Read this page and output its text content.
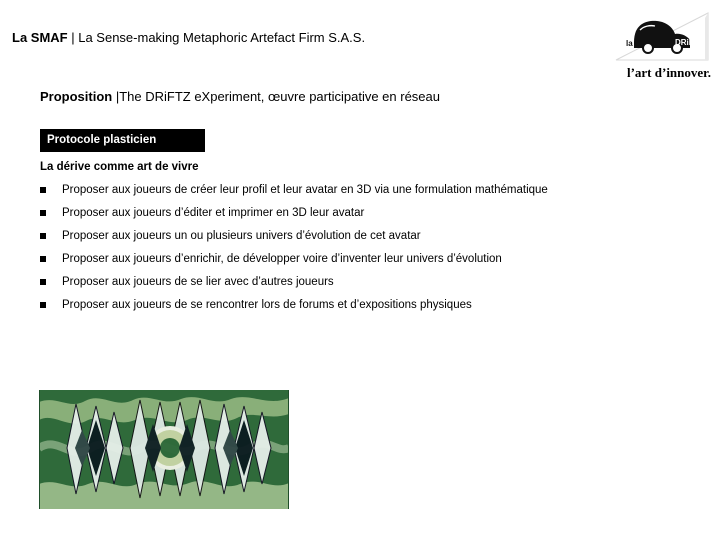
La SMAF | La Sense-making Metaphoric Artefact Firm S.A.S.	la	DRiFTZ
l’art d’innover.
Proposition |The DRiFTZ eXperiment, œuvre participative en réseau
Protocole plasticien
La dérive comme art de vivre
Proposer aux joueurs de créer leur profil et leur avatar en 3D via une formulation mathématique
Proposer aux joueurs d’éditer et imprimer en 3D leur avatar
Proposer aux joueurs un ou plusieurs univers d’évolution de cet avatar
Proposer aux joueurs d’enrichir, de développer voire d’inventer leur univers d’évolution
Proposer aux joueurs de se lier avec d’autres joueurs
Proposer aux joueurs de se rencontrer lors de forums et d’expositions physiques
